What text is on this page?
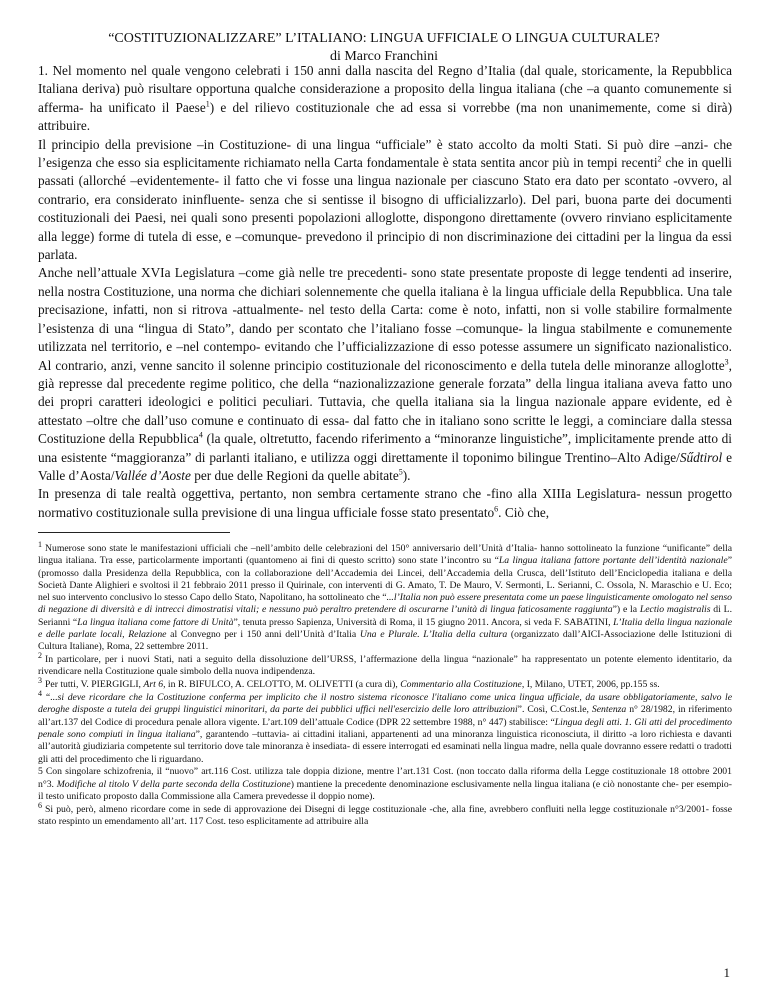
“COSTITUZIONALIZZARE” L’ITALIANO: LINGUA UFFICIALE O LINGUA CULTURALE?
di Marco Franchini

1. Nel momento nel quale vengono celebrati i 150 anni dalla nascita del Regno d’Italia (dal quale, storicamente, la Repubblica Italiana deriva) può risultare opportuna qualche considerazione a proposito della lingua italiana (che –a quanto comunemente si afferma- ha unificato il Paese$^1$) e del rilievo costituzionale che ad essa si vorrebbe (ma non unanimemente, come si dirà) attribuire.

Il principio della previsione –in Costituzione- di una lingua “ufficiale” è stato accolto da molti Stati. Si può dire –anzi- che l’esigenza che esso sia esplicitamente richiamato nella Carta fondamentale è stata sentita ancor più in tempi recenti$^2$ che in quelli passati (allorché –evidentemente- il fatto che vi fosse una lingua nazionale per ciascuno Stato era dato per scontato -ovvero, al contrario, era considerato ininfluente- senza che si sentisse il bisogno di ufficializzarlo). Del pari, buona parte dei documenti costituzionali dei Paesi, nei quali sono presenti popolazioni alloglotte, dispongono direttamente (ovvero rinviano esplicitamente alla legge) forme di tutela di esse, e –comunque- prevedono il principio di non discriminazione dei cittadini per la lingua da essi parlata.

Anche nell’attuale XVIa Legislatura –come già nelle tre precedenti- sono state presentate proposte di legge tendenti ad inserire, nella nostra Costituzione, una norma che dichiari solennemente che quella italiana è la lingua ufficiale della Repubblica. Una tale precisazione, infatti, non si ritrova -attualmente- nel testo della Carta: come è noto, infatti, non si volle stabilire formalmente l’esistenza di una “lingua di Stato”, dando per scontato che l’italiano fosse –comunque- la lingua stabilmente e comunemente utilizzata nel territorio, e –nel contempo- evitando che l’ufficializzazione di esso potesse assumere un significato nazionalistico. Al contrario, anzi, venne sancito il solenne principio costituzionale del riconoscimento e della tutela delle minoranze alloglotte$^3$, già represse dal precedente regime politico, che della “nazionalizzazione generale forzata” della lingua italiana aveva fatto uno dei propri caratteri ideologici e politici peculiari. Tuttavia, che quella italiana sia la lingua nazionale appare evidente, ed è attestato –oltre che dall’uso comune e continuato di essa- dal fatto che in italiano sono scritte le leggi, a cominciare dalla stessa Costituzione della Repubblica$^4$ (la quale, oltretutto, facendo riferimento a “minoranze linguistiche”, implicitamente prende atto di una esistente “maggioranza” di parlanti italiano, e utilizza oggi direttamente il toponimo bilingue Trentino–Alto Adige/Sűdtirol e Valle d’Aosta/Vallée d’Aoste per due delle Regioni da quelle abitate$^5$).

In presenza di tale realtà oggettiva, pertanto, non sembra certamente strano che -fino alla XIIIa Legislatura- nessun progetto normativo costituzionale sulla previsione di una lingua ufficiale fosse stato presentato$^6$. Ciò che,

$^1$ Numerose sono state le manifestazioni ufficiali che –nell’ambito delle celebrazioni del 150° anniversario dell’Unità d’Italia- hanno sottolineato la funzione “unificante” della lingua italiana. Tra esse, particolarmente importanti (quantomeno ai fini di questo scritto) sono state l’incontro su “La lingua italiana fattore portante dell’identità nazionale” (promosso dalla Presidenza della Repubblica, con la collaborazione dell’Accademia dei Lincei, dell’Accademia della Crusca, dell’Istituto dell’Enciclopedia italiana e della Società Dante Alighieri e svoltosi il 21 febbraio 2011 presso il Quirinale, con interventi di G. Amato, T. De Mauro, V. Sermonti, L. Serianni, C. Ossola, N. Maraschio e U. Eco; nel suo intervento conclusivo lo stesso Capo dello Stato, Napolitano, ha sottolineato che “...l’Italia non può essere presentata come un paese linguisticamente omologato nel senso di negazione di diversità e di intrecci dimostratisi vitali; e nessuno può peraltro pretendere di oscurarne l’unità di lingua faticosamente raggiunta”) e la Lectio magistralis di L. Serianni “La lingua italiana come fattore di Unità”, tenuta presso Sapienza, Università di Roma, il 15 giugno 2011. Ancora, si veda F. SABATINI, L’Italia della lingua nazionale e delle parlate locali, Relazione al Convegno per i 150 anni dell’Unità d’Italia Una e Plurale. L’Italia della cultura (organizzato dall’AICI-Associazione delle Istituzioni di Cultura Italiane), Roma, 22 settembre 2011.

$^2$ In particolare, per i nuovi Stati, nati a seguito della dissoluzione dell’URSS, l’affermazione della lingua “nazionale” ha rappresentato un potente elemento identitario, da rivendicare nella Costituzione quale simbolo della nuova indipendenza.

$^3$ Per tutti, V. PIERGIGLI, Art 6, in R. BIFULCO, A. CELOTTO, M. OLIVETTI (a cura di), Commentario alla Costituzione, I, Milano, UTET, 2006, pp.155 ss.

$^4$ “...si deve ricordare che la Costituzione conferma per implicito che il nostro sistema riconosce l'italiano come unica lingua ufficiale, da usare obbligatoriamente, salvo le deroghe disposte a tutela dei gruppi linguistici minoritari, da parte dei pubblici uffici nell'esercizio delle loro attribuzioni”. Così, C.Cost.le, Sentenza n° 28/1982, in riferimento all’art.137 del Codice di procedura penale allora vigente. L’art.109 dell’attuale Codice (DPR 22 settembre 1988, n° 447) stabilisce: “Lingua degli atti. 1. Gli atti del procedimento penale sono compiuti in lingua italiana”, garantendo –tuttavia- ai cittadini italiani, appartenenti ad una minoranza linguistica riconosciuta, il diritto -a loro richiesta e davanti all’autorità giudiziaria competente sul territorio dove tale minoranza è insediata- di essere interrogati ed esaminati nella lingua madre, nella quale dovranno essere redatti o tradotti gli atti del procedimento che li riguardano.

5 Con singolare schizofrenia, il “nuovo” art.116 Cost. utilizza tale doppia dizione, mentre l’art.131 Cost. (non toccato dalla riforma della Legge costituzionale 18 ottobre 2001 n°3. Modifiche al titolo V della parte seconda della Costituzione) mantiene la precedente denominazione esclusivamente nella lingua italiana (e ciò nonostante che- per esempio- il testo unificato proposto dalla Commissione alla Camera prevedesse il doppio nome).

$^6$ Si può, però, almeno ricordare come in sede di approvazione dei Disegni di legge costituzionale -che, alla fine, avrebbero confluiti nella legge costituzionale n°3/2001- fosse stato respinto un emendamento all’art. 117 Cost. teso esplicitamente ad attribuire alla

1
